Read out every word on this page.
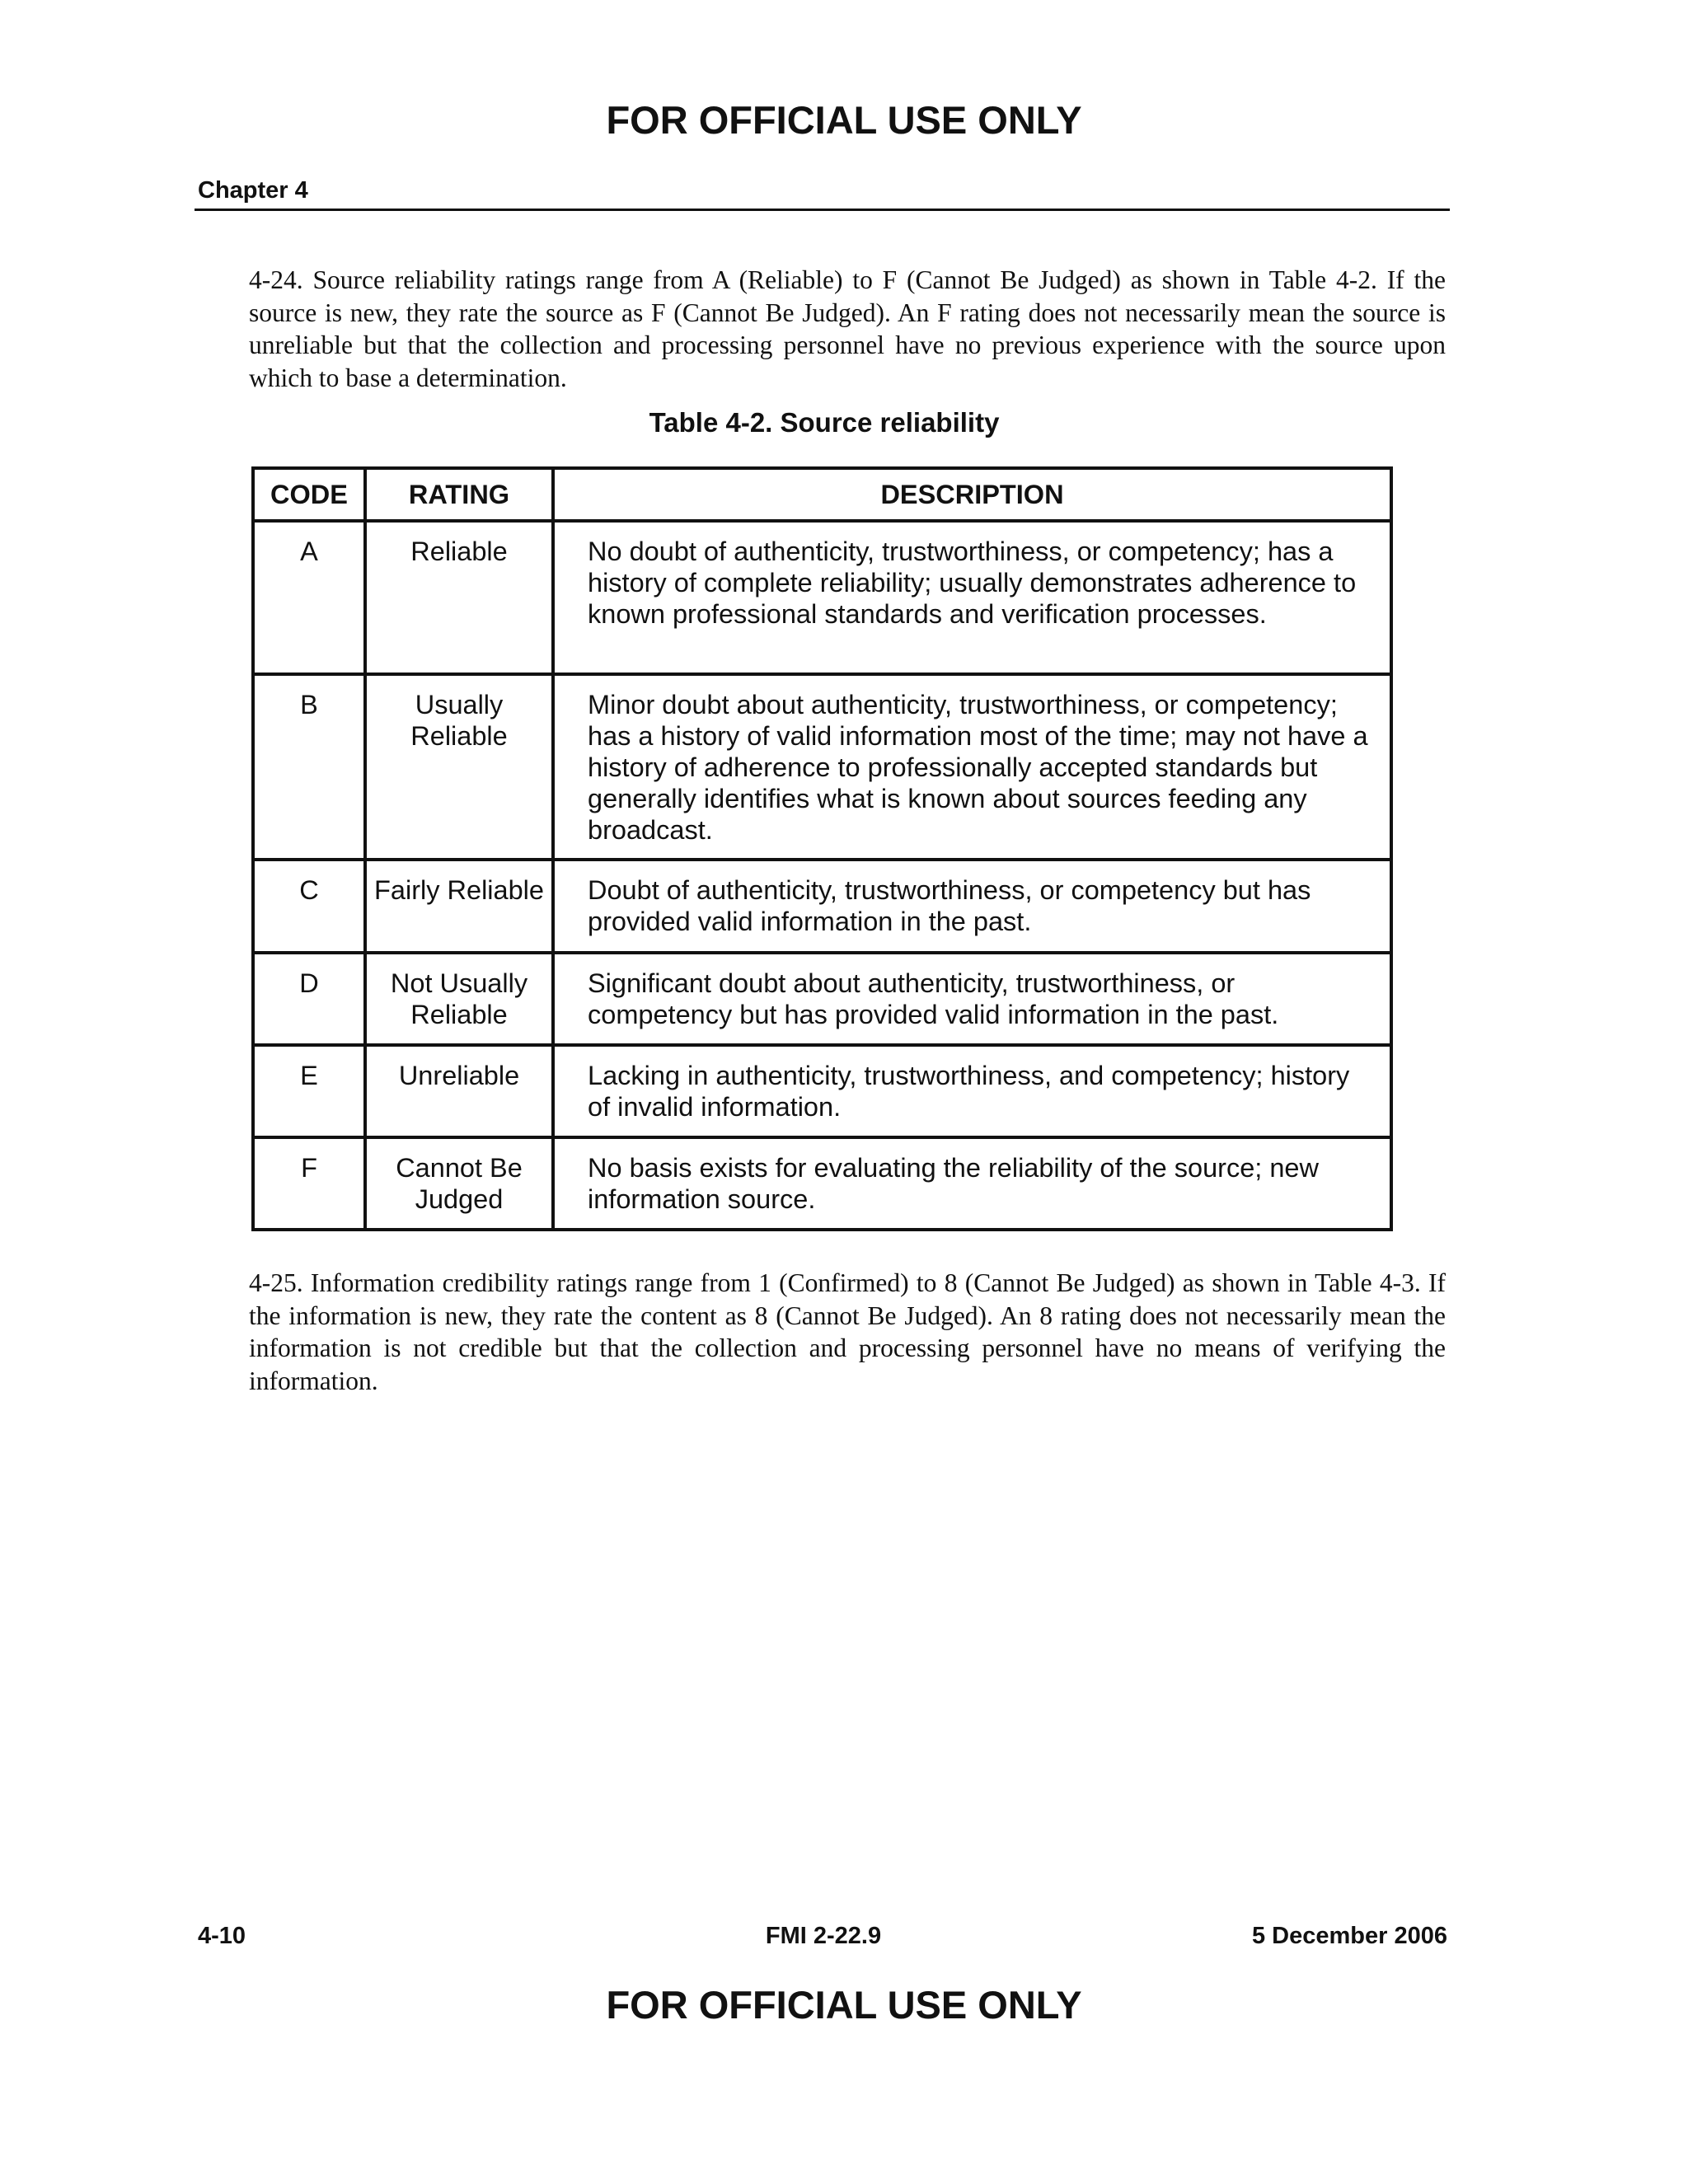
FOR OFFICIAL USE ONLY
Chapter 4
4-24. Source reliability ratings range from A (Reliable) to F (Cannot Be Judged) as shown in Table 4-2. If the source is new, they rate the source as F (Cannot Be Judged). An F rating does not necessarily mean the source is unreliable but that the collection and processing personnel have no previous experience with the source upon which to base a determination.
Table 4-2. Source reliability
CODE	RATING	DESCRIPTION
A	Reliable	No doubt of authenticity, trustworthiness, or competency; has a history of complete reliability; usually demonstrates adherence to known professional standards and verification processes.
B	Usually Reliable	Minor doubt about authenticity, trustworthiness, or competency; has a history of valid information most of the time; may not have a history of adherence to professionally accepted standards but generally identifies what is known about sources feeding any broadcast.
C	Fairly Reliable	Doubt of authenticity, trustworthiness, or competency but has provided valid information in the past.
D	Not Usually Reliable	Significant doubt about authenticity, trustworthiness, or competency but has provided valid information in the past.
E	Unreliable	Lacking in authenticity, trustworthiness, and competency; history of invalid information.
F	Cannot Be Judged	No basis exists for evaluating the reliability of the source; new information source.
4-25. Information credibility ratings range from 1 (Confirmed) to 8 (Cannot Be Judged) as shown in Table 4-3. If the information is new, they rate the content as 8 (Cannot Be Judged). An 8 rating does not necessarily mean the information is not credible but that the collection and processing personnel have no means of verifying the information.
4-10	FMI 2-22.9	5 December 2006
FOR OFFICIAL USE ONLY
